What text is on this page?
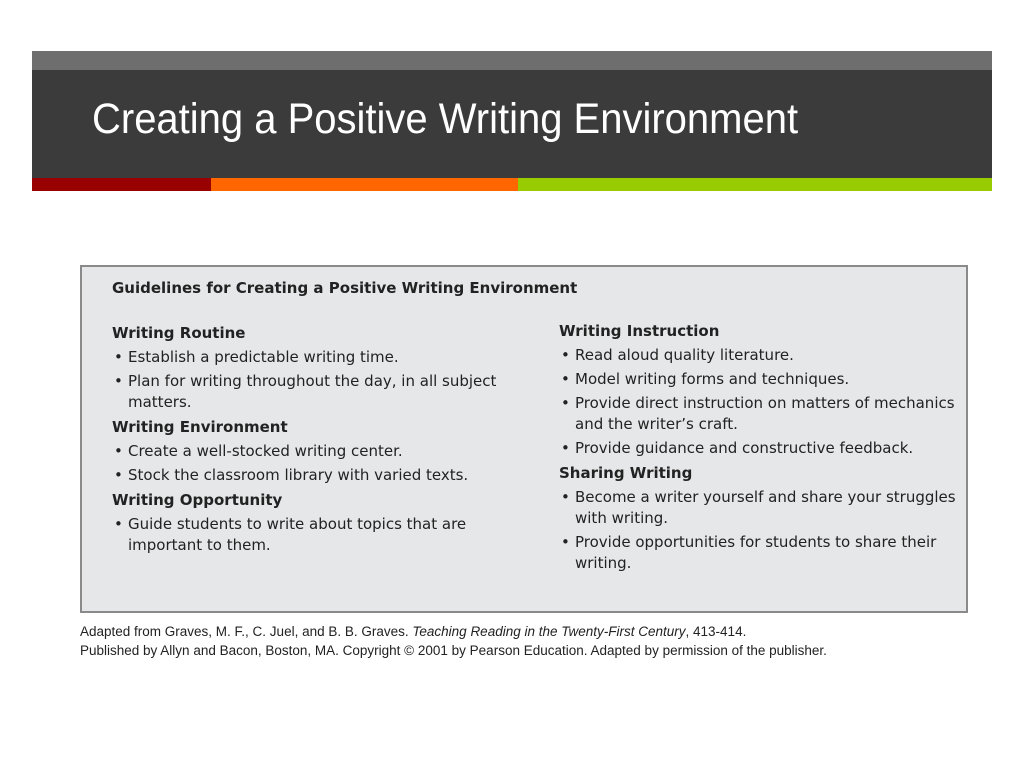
Creating a Positive Writing Environment

Guidelines for Creating a Positive Writing Environment

Writing Routine

• Establish a predictable writing time.
• Plan for writing throughout the day, in all subject matters.

Writing Environment

• Create a well-stocked writing center.
• Stock the classroom library with varied texts.

Writing Opportunity

• Guide students to write about topics that are important to them.

Writing Instruction

• Read aloud quality literature.
• Model writing forms and techniques.
• Provide direct instruction on matters of mechanics and the writer’s craft.
• Provide guidance and constructive feedback.

Sharing Writing

• Become a writer yourself and share your struggles with writing.
• Provide opportunities for students to share their writing.

Adapted from Graves, M. F., C. Juel, and B. B. Graves. Teaching Reading in the Twenty-First Century, 413-414.
Published by Allyn and Bacon, Boston, MA. Copyright © 2001 by Pearson Education. Adapted by permission of the publisher.
